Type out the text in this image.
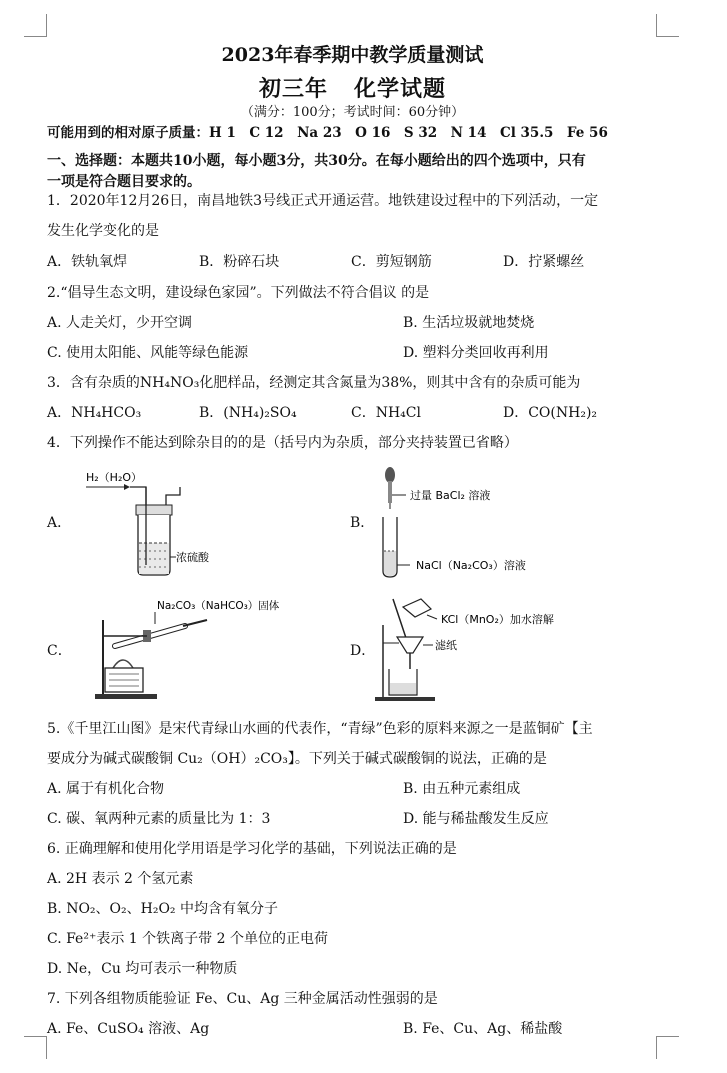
2023年春季期中教学质量测试
初三年 化学试题
（满分：100分；考试时间：60分钟）
可能用到的相对原子质量：H 1　C 12　Na 23　O 16　S 32　N 14　Cl 35.5　Fe 56
一、选择题：本题共10小题，每小题3分，共30分。在每小题给出的四个选项中，只有
一项是符合题目要求的。
1．2020年12月26日，南昌地铁3号线正式开通运营。地铁建设过程中的下列活动，一定
发生化学变化的是
A．铁轨氧焊	B．粉碎石块	C．剪短钢筋	D．拧紧螺丝
2.“倡导生态文明，建设绿色家园”。下列做法不符合倡议 的是
A. 人走关灯，少开空调	B. 生活垃圾就地焚烧
C. 使用太阳能、风能等绿色能源	D. 塑料分类回收再利用
3．含有杂质的NH₄NO₃化肥样品，经测定其含氮量为38%，则其中含有的杂质可能为
A．NH₄HCO₃	B．(NH₄)₂SO₄	C．NH₄Cl	D．CO(NH₂)₂
4．下列操作不能达到除杂目的的是（括号内为杂质，部分夹持装置已省略）
A．	B．
C．	D．
H₂（H₂O）
浓硫酸
过量 BaCl₂ 溶液
NaCl（Na₂CO₃）溶液
Na₂CO₃（NaHCO₃）固体
KCl（MnO₂）加水溶解
滤纸
5.《千里江山图》是宋代青绿山水画的代表作，“青绿”色彩的原料来源之一是蓝铜矿【主
要成分为碱式碳酸铜 Cu₂（OH）₂CO₃】。下列关于碱式碳酸铜的说法，正确的是
A. 属于有机化合物	B. 由五种元素组成
C. 碳、氧两种元素的质量比为 1：3	D. 能与稀盐酸发生反应
6. 正确理解和使用化学用语是学习化学的基础，下列说法正确的是
A. 2H 表示 2 个氢元素
B. NO₂、O₂、H₂O₂ 中均含有氧分子
C. Fe²⁺表示 1 个铁离子带 2 个单位的正电荷
D. Ne，Cu 均可表示一种物质
7. 下列各组物质能验证 Fe、Cu、Ag 三种金属活动性强弱的是
A. Fe、CuSO₄ 溶液、Ag	B. Fe、Cu、Ag、稀盐酸
